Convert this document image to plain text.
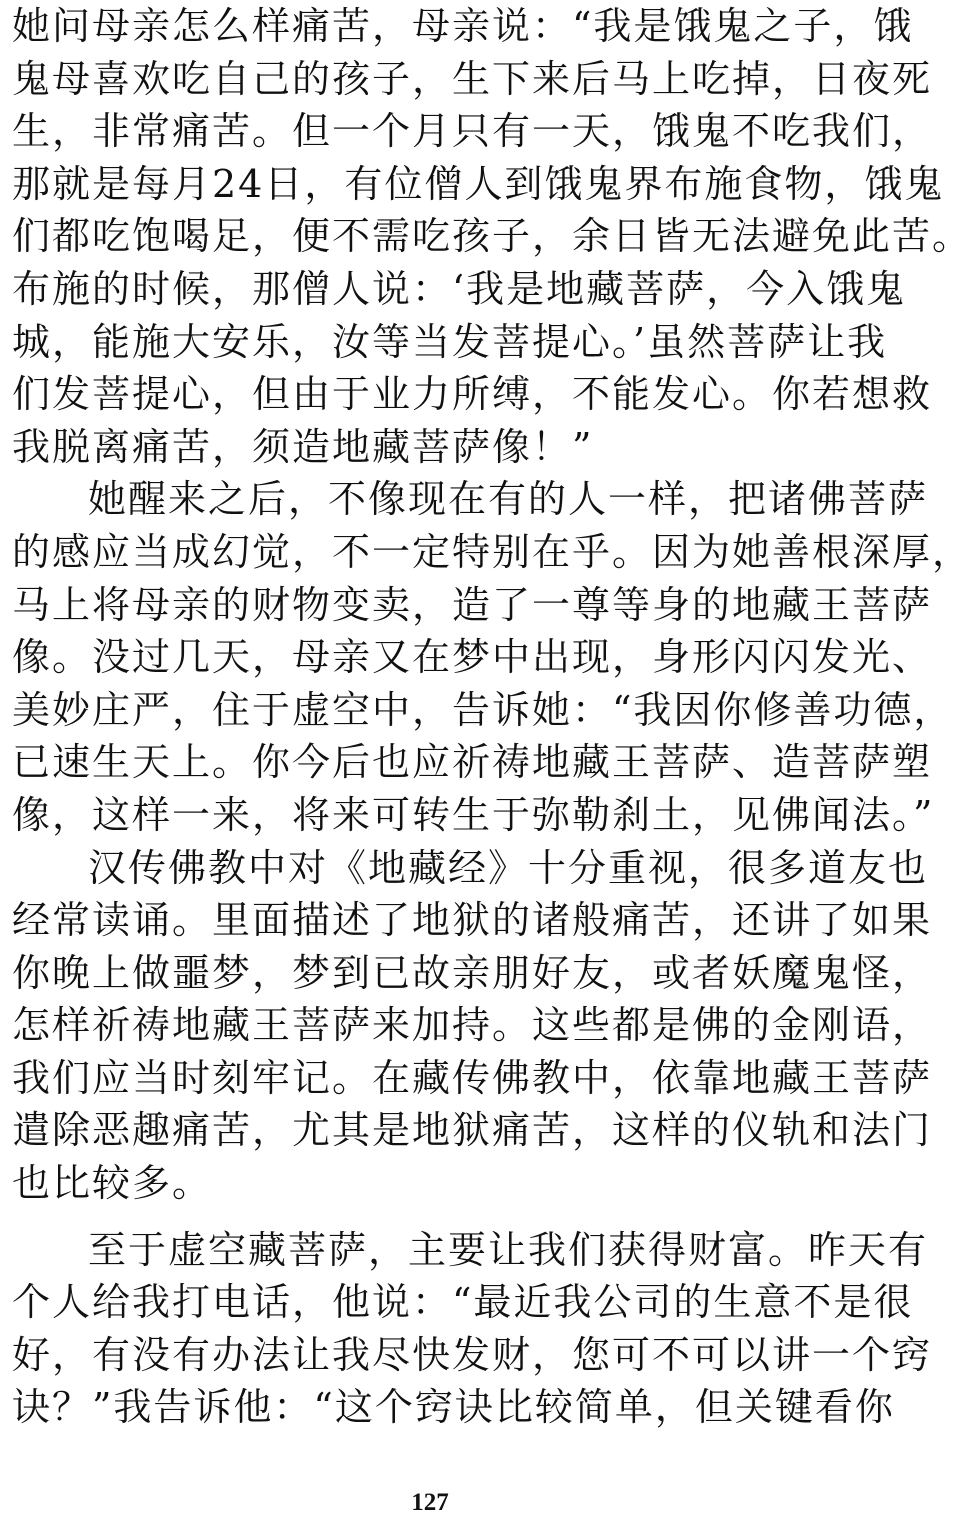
她问母亲怎么样痛苦，母亲说：“我是饿鬼之子，饿
鬼母喜欢吃自己的孩子，生下来后马上吃掉，日夜死
生，非常痛苦。但一个月只有一天，饿鬼不吃我们，
那就是每月24日，有位僧人到饿鬼界布施食物，饿鬼
们都吃饱喝足，便不需吃孩子，余日皆无法避免此苦。
布施的时候，那僧人说：‘我是地藏菩萨，今入饿鬼
城，能施大安乐，汝等当发菩提心。’虽然菩萨让我
们发菩提心，但由于业力所缚，不能发心。你若想救
我脱离痛苦，须造地藏菩萨像！”
她醒来之后，不像现在有的人一样，把诸佛菩萨
的感应当成幻觉，不一定特别在乎。因为她善根深厚，
马上将母亲的财物变卖，造了一尊等身的地藏王菩萨
像。没过几天，母亲又在梦中出现，身形闪闪发光、
美妙庄严，住于虚空中，告诉她：“我因你修善功德，
已速生天上。你今后也应祈祷地藏王菩萨、造菩萨塑
像，这样一来，将来可转生于弥勒刹土，见佛闻法。”
汉传佛教中对《地藏经》十分重视，很多道友也
经常读诵。里面描述了地狱的诸般痛苦，还讲了如果
你晚上做噩梦，梦到已故亲朋好友，或者妖魔鬼怪，
怎样祈祷地藏王菩萨来加持。这些都是佛的金刚语，
我们应当时刻牢记。在藏传佛教中，依靠地藏王菩萨
遣除恶趣痛苦，尤其是地狱痛苦，这样的仪轨和法门
也比较多。
至于虚空藏菩萨，主要让我们获得财富。昨天有
个人给我打电话，他说：“最近我公司的生意不是很
好，有没有办法让我尽快发财，您可不可以讲一个窍
诀？”我告诉他：“这个窍诀比较简单，但关键看你
127
